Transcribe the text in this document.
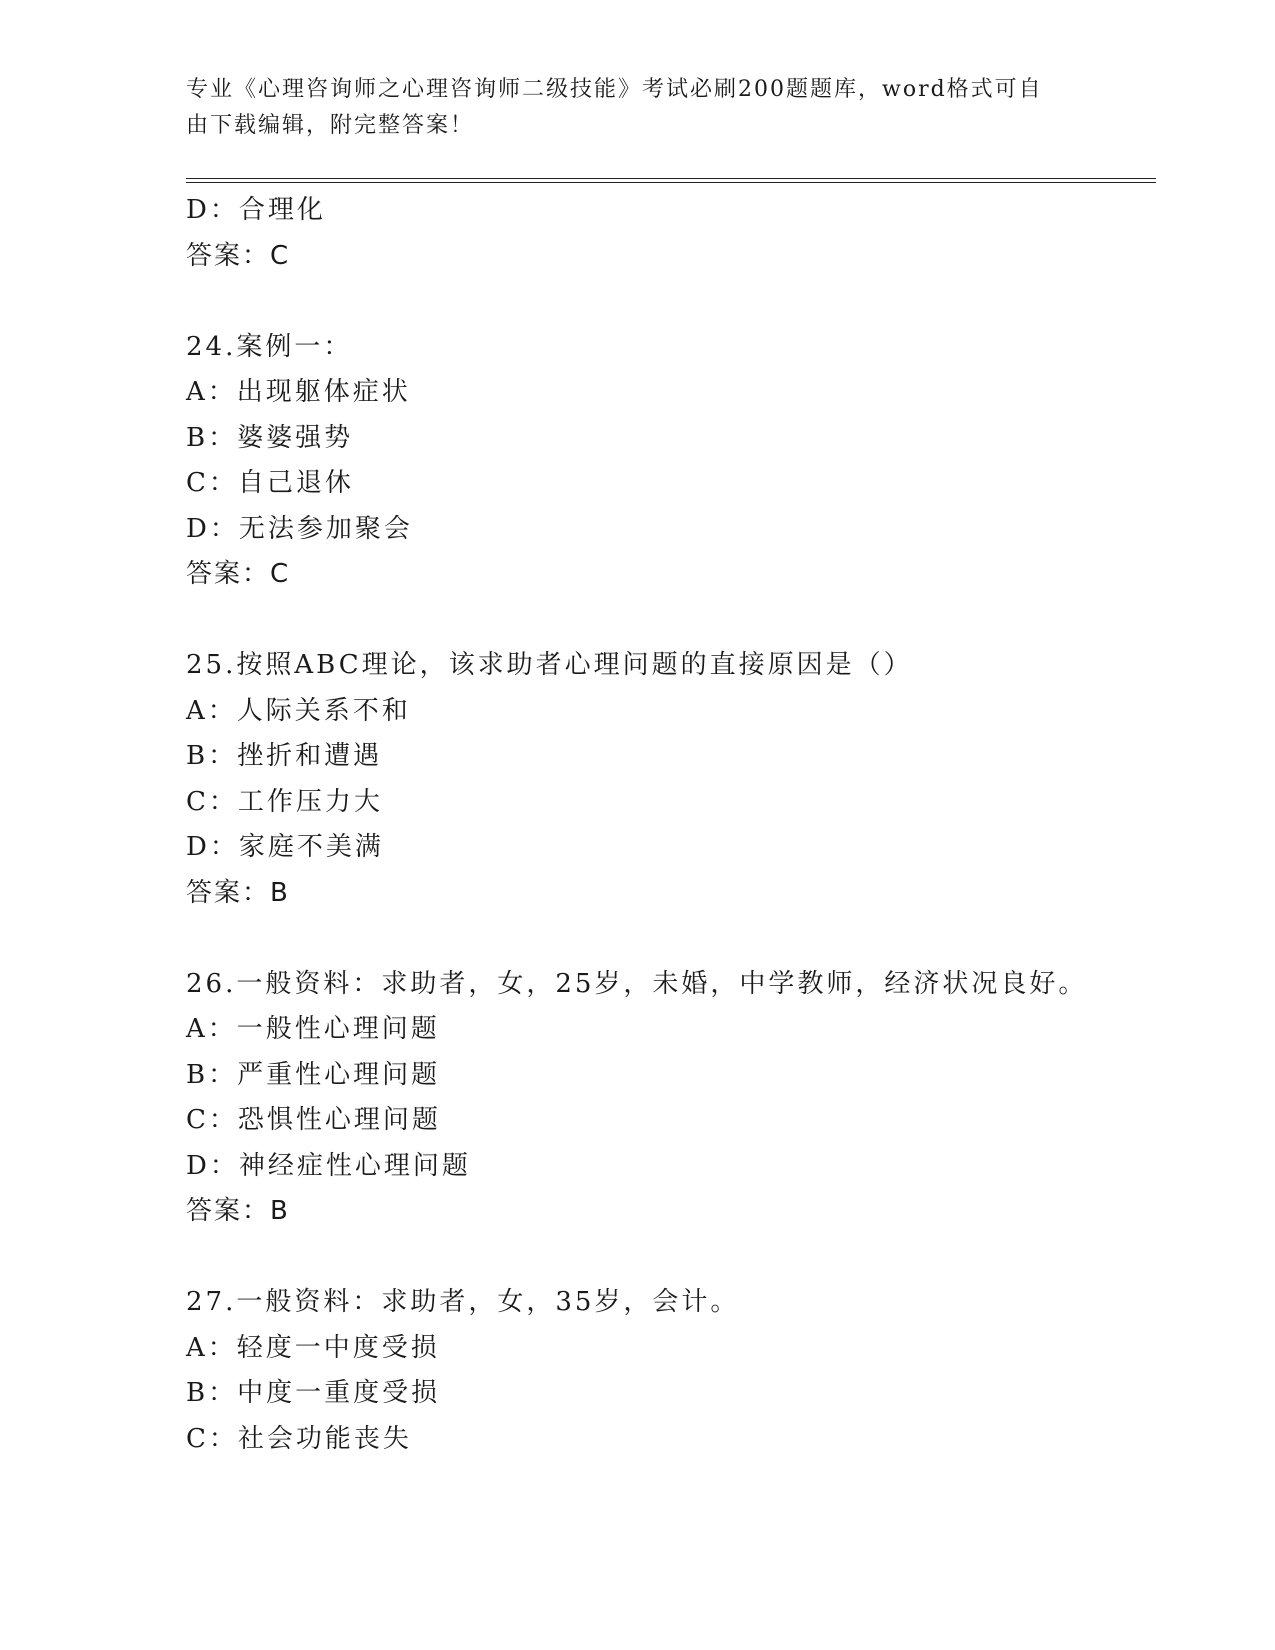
专业《心理咨询师之心理咨询师二级技能》考试必刷200题题库，word格式可自
由下载编辑，附完整答案！
D：合理化
答案：C
24.案例一：
A：出现躯体症状
B：婆婆强势
C：自己退休
D：无法参加聚会
答案：C
25.按照ABC理论，该求助者心理问题的直接原因是（）
A：人际关系不和
B：挫折和遭遇
C：工作压力大
D：家庭不美满
答案：B
26.一般资料：求助者，女，25岁，未婚，中学教师，经济状况良好。
A：一般性心理问题
B：严重性心理问题
C：恐惧性心理问题
D：神经症性心理问题
答案：B
27.一般资料：求助者，女，35岁，会计。
A：轻度一中度受损
B：中度一重度受损
C：社会功能丧失
